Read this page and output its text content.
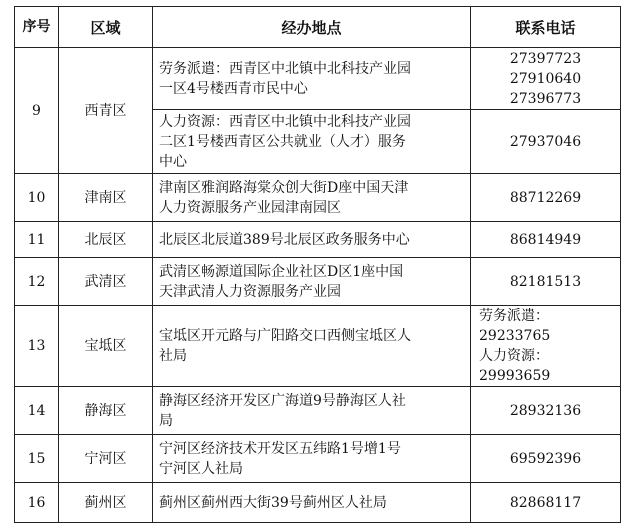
序号	区域	经办地点	联系电话
9	西青区	劳务派遣：西青区中北镇中北科技产业园
一区4号楼西青市民中心	27397723
27910640
27396773

		人力资源：西青区中北镇中北科技产业园
二区1号楼西青区公共就业（人才）服务
中心	27937046
10	津南区	津南区雅润路海棠众创大街D座中国天津
人力资源服务产业园津南园区	88712269
11	北辰区	北辰区北辰道389号北辰区政务服务中心	86814949
12	武清区	武清区畅源道国际企业社区D区1座中国
天津武清人力资源服务产业园	82181513
13	宝坻区	宝坻区开元路与广阳路交口西侧宝坻区人
社局	劳务派遣：29233765
人力资源：29993659

14	静海区	静海区经济开发区广海道9号静海区人社
局	28932136
15	宁河区	宁河区经济技术开发区五纬路1号增1号
宁河区人社局	69592396
16	蓟州区	蓟州区蓟州西大街39号蓟州区人社局	82868117
